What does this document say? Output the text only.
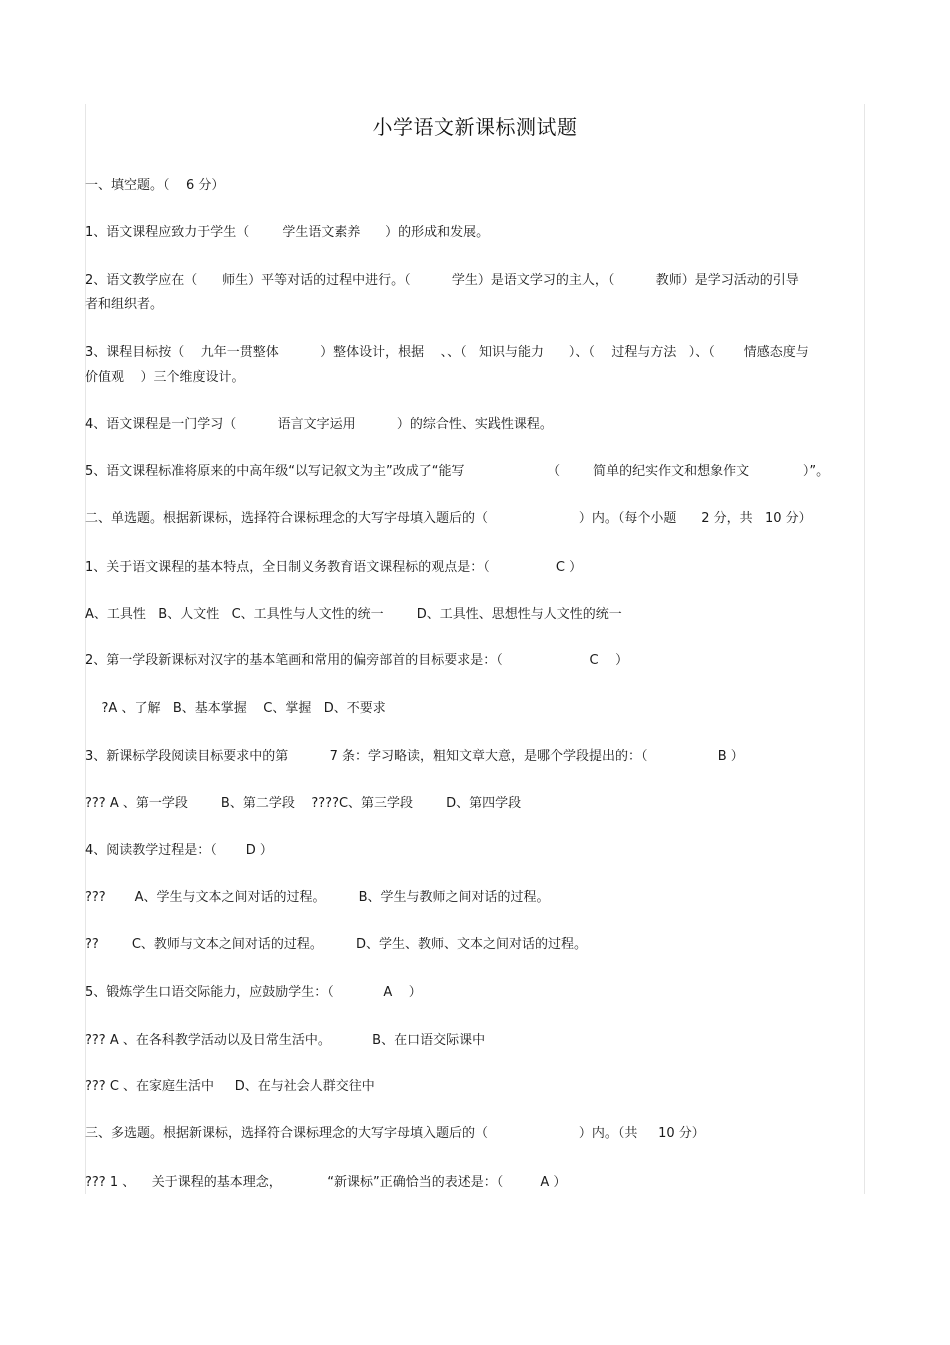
小学语文新课标测试题
一、填空题。（    6 分）
1、语文课程应致力于学生（        学生语文素养      ）的形成和发展。
2、语文教学应在（      师生）平等对话的过程中进行。（          学生）是语文学习的主人，（          教师）是学习活动的引导
者和组织者。
3、课程目标按（    九年一贯整体          ）整体设计，根据    、、（   知识与能力      ）、（    过程与方法   ）、（       情感态度与
价值观    ）三个维度设计。
4、语文课程是一门学习（          语言文字运用          ）的综合性、实践性课程。
5、语文课程标准将原来的中高年级“以写记叙文为主”改成了“能写                    （        简单的纪实作文和想象作文             ）”。
二、单选题。根据新课标，选择符合课标理念的大写字母填入题后的（                      ）内。（每个小题      2 分，共   10 分）
1、关于语文课程的基本特点，全日制义务教育语文课程标的观点是：（                C ）
A、工具性   B、人文性   C、工具性与人文性的统一        D、工具性、思想性与人文性的统一
2、第一学段新课标对汉字的基本笔画和常用的偏旁部首的目标要求是：（                     C    ）
?A 、了解   B、基本掌握    C、掌握   D、不要求
3、新课标学段阅读目标要求中的第          7 条：学习略读，粗知文章大意，是哪个学段提出的：（                 B ）
??? A 、第一学段        B、第二学段    ????C、第三学段        D、第四学段
4、阅读教学过程是：（       D ）
???       A、学生与文本之间对话的过程。        B、学生与教师之间对话的过程。
??        C、教师与文本之间对话的过程。        D、学生、教师、文本之间对话的过程。
5、锻炼学生口语交际能力，应鼓励学生：（            A    ）
??? A 、在各科教学活动以及日常生活中。          B、在口语交际课中
??? C 、在家庭生活中     D、在与社会人群交往中
三、多选题。根据新课标，选择符合课标理念的大写字母填入题后的（                      ）内。（共     10 分）
??? 1 、    关于课程的基本理念，           “新课标”正确恰当的表述是：（         A ）
